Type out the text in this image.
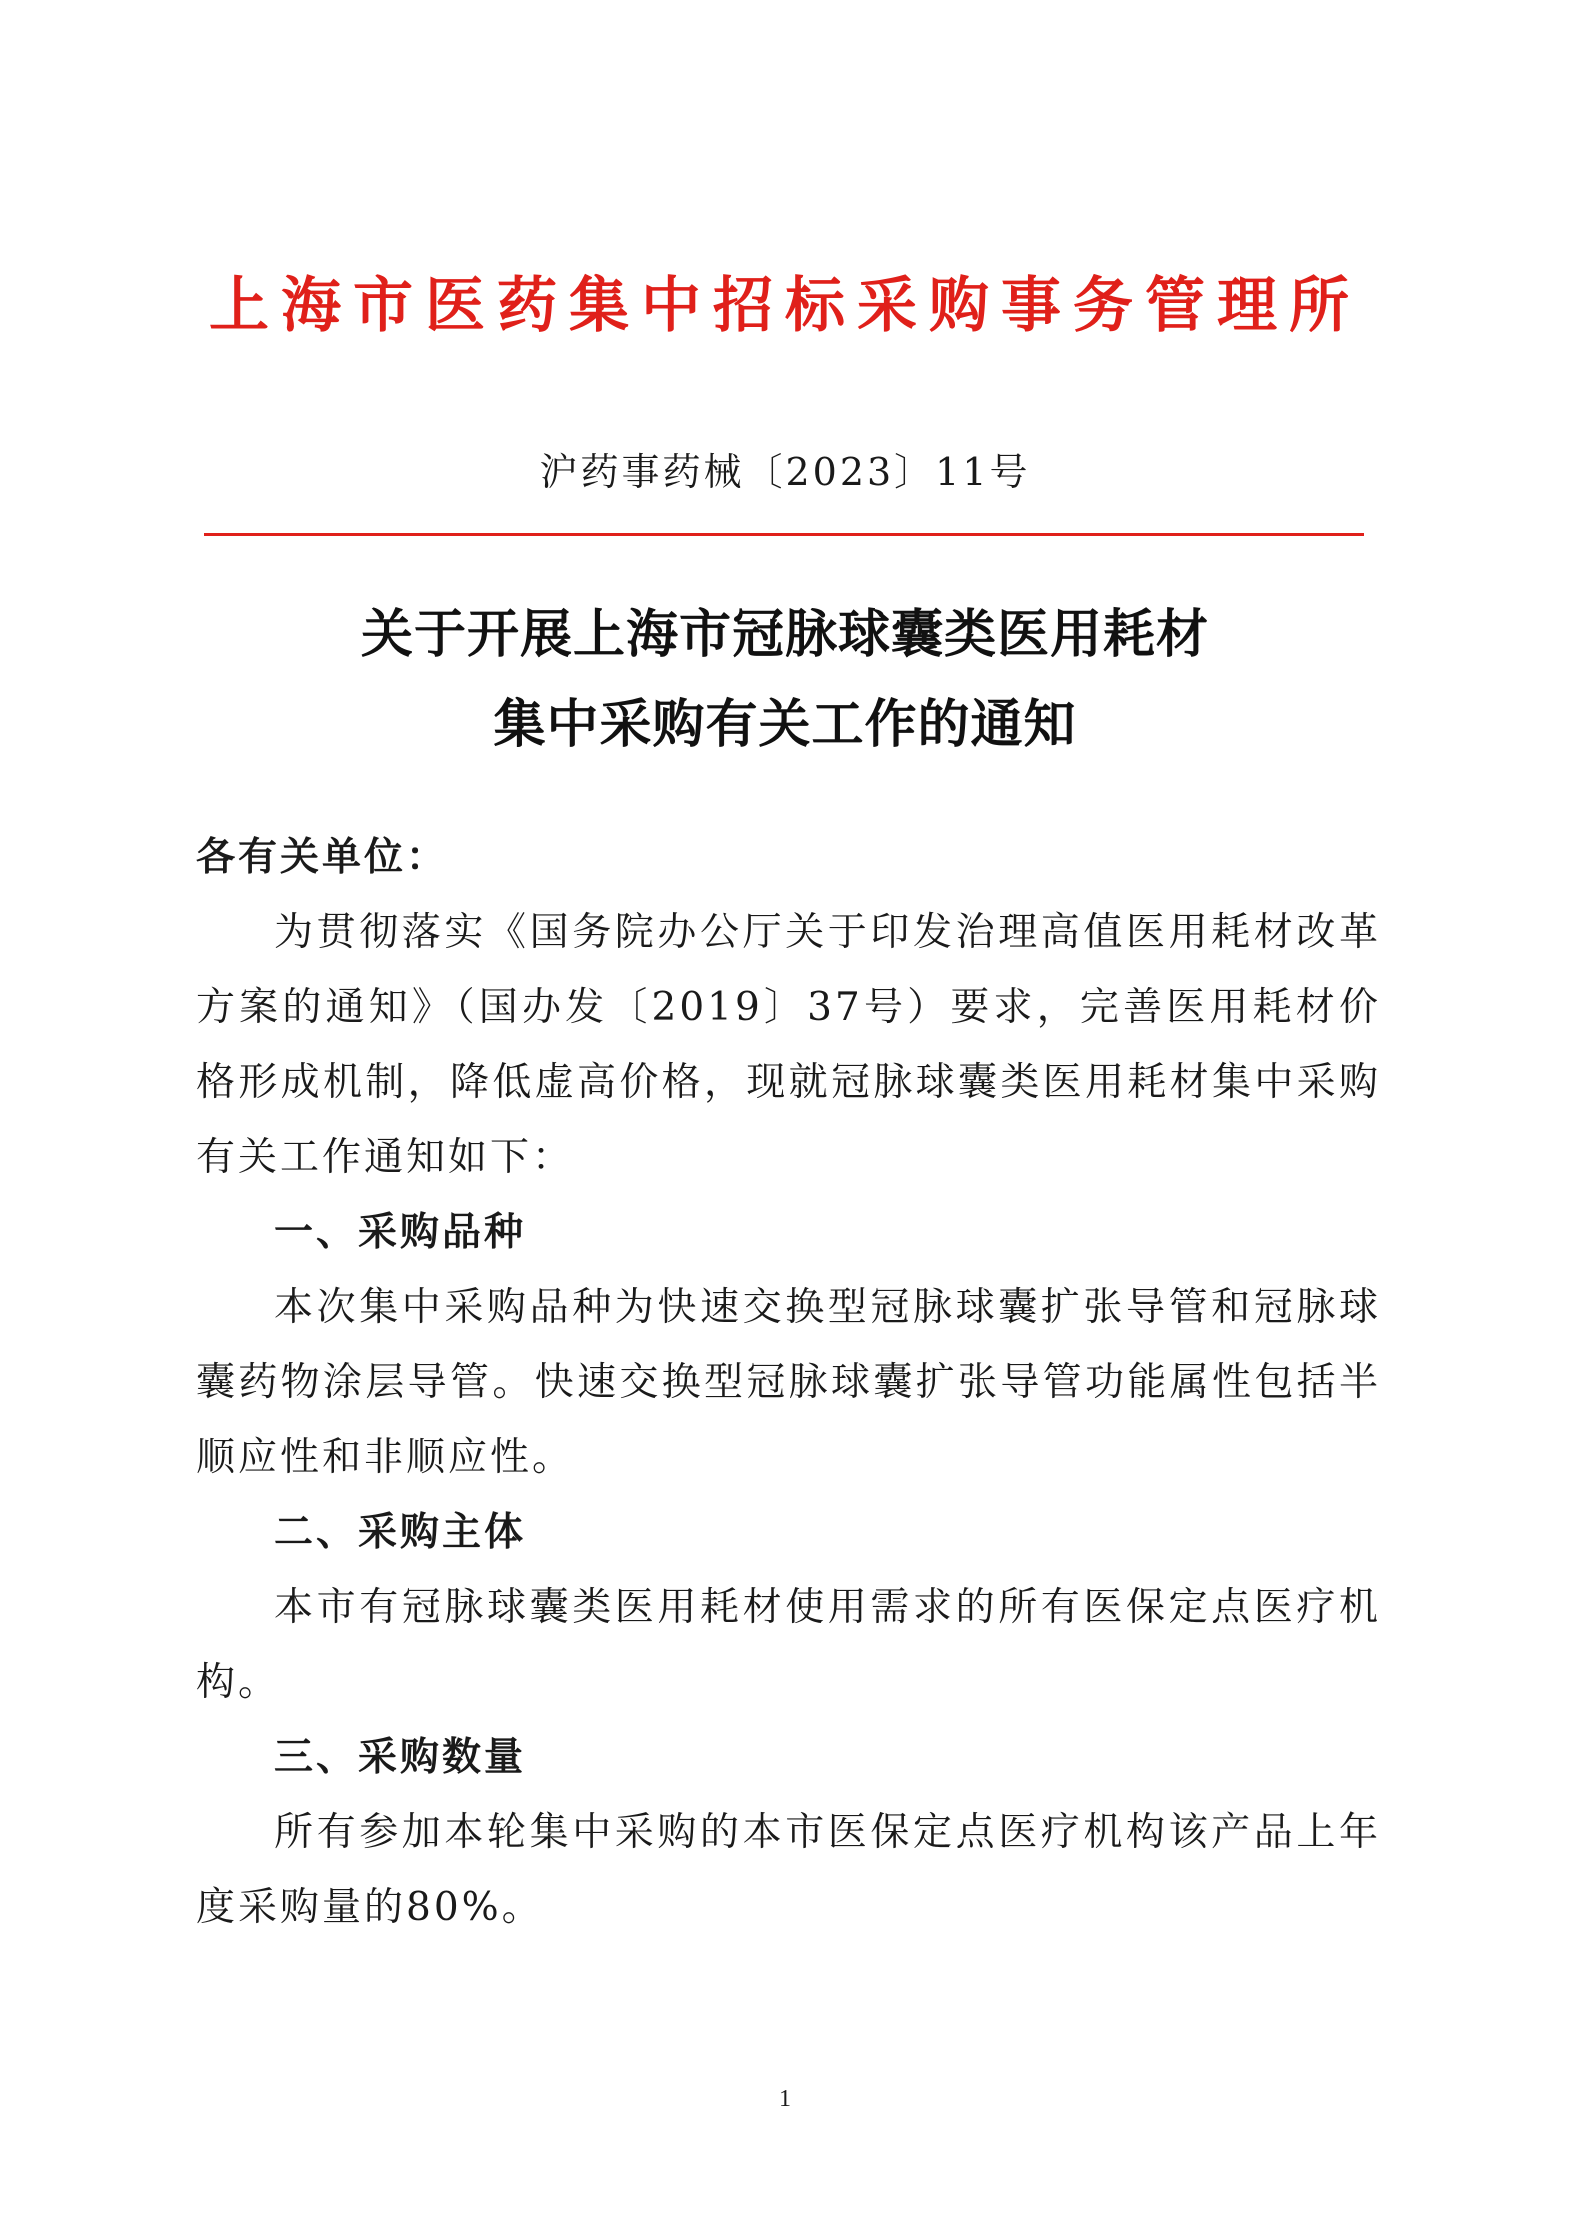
上海市医药集中招标采购事务管理所
沪药事药械〔2023〕11号
关于开展上海市冠脉球囊类医用耗材
集中采购有关工作的通知

各有关单位：

为贯彻落实《国务院办公厅关于印发治理高值医用耗材改革方案的通知》（国办发〔2019〕37号）要求，完善医用耗材价格形成机制，降低虚高价格，现就冠脉球囊类医用耗材集中采购有关工作通知如下：

一、采购品种

本次集中采购品种为快速交换型冠脉球囊扩张导管和冠脉球囊药物涂层导管。快速交换型冠脉球囊扩张导管功能属性包括半顺应性和非顺应性。

二、采购主体

本市有冠脉球囊类医用耗材使用需求的所有医保定点医疗机构。

三、采购数量

所有参加本轮集中采购的本市医保定点医疗机构该产品上年度采购量的80%。

1
